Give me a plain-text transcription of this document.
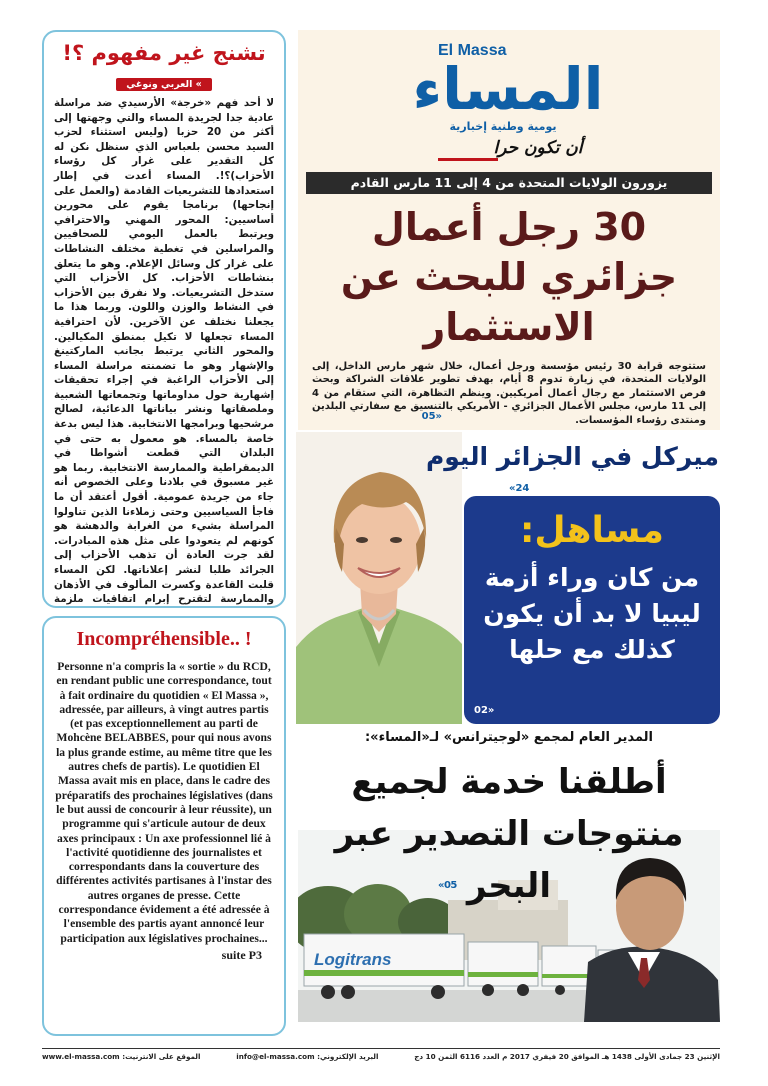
تشنج غير مفهوم ؟!
» العربي ونوغي
لا أحد فهم «خرجة» الأرسيدي ضد مراسلة عادية جدا لجريدة المساء والتي وجهتها إلى أكثر من 20 حزبا (وليس استثناء لحزب السيد محسن بلعباس الذي سنظل نكن له كل التقدير على غرار كل رؤساء الأحزاب)؟!. المساء أعدت في إطار استعدادها للتشريعيات القادمة (والعمل على إنجاحها) برنامجا يقوم على محورين أساسيين: المحور المهني والاحترافي ويرتبط بالعمل اليومي للصحافيين والمراسلين في تغطية مختلف النشاطات على غرار كل وسائل الإعلام. وهو ما يتعلق بنشاطات الأحزاب. كل الأحزاب التي ستدخل التشريعيات. ولا نفرق بين الأحزاب في النشاط والوزن واللون. وربما هذا ما يجعلنا نختلف عن الآخرين. لأن احترافية المساء تجعلها لا تكيل بمنطق المكيالين. والمحور الثاني يرتبط بجانب الماركتينغ والإشهار وهو ما تضمنته مراسلة المساء إلى الأحزاب الراغبة في إجراء تحقيقات إشهارية حول مداوماتها وتجمعاتها الشعبية وملصقاتها ونشر بياناتها الدعائية، لصالح مرشحيها وبرامجها الانتخابية. هذا ليس بدعة خاصة بالمساء. هو معمول به حتى في البلدان التي قطعت أشواطا في الديمقراطية والممارسة الانتخابية. ربما هو غير مسبوق في بلادنا وعلى الخصوص أنه جاء من جريدة عمومية. أقول أعتقد أن ما فاجأ السياسيين وحتى زملاءنا الذين تناولوا المراسلة بشيء من الغرابة والدهشة هو كونهم لم يتعودوا على مثل هذه المبادرات. لقد جرت العادة أن تذهب الأحزاب إلى الجرائد طلبا لنشر إعلاناتها. لكن المساء قلبت القاعدة وكسرت المألوف في الأذهان والممارسة لتقترح إبرام اتفاقيات ملزمة
Incompréhensible.. !
Personne n'a compris la « sortie » du RCD, en rendant public une correspondance, tout à fait ordinaire du quotidien « El Massa », adressée, par ailleurs, à vingt autres partis (et pas exceptionnellement au parti de Mohcène BELABBES, pour qui nous avons la plus grande estime, au même titre que les autres chefs de partis). Le quotidien El Massa avait mis en place, dans le cadre des préparatifs des prochaines législatives (dans le but aussi de concourir à leur réussite), un programme qui s'articule autour de deux axes principaux : Un axe professionnel lié à l'activité quotidienne des journalistes et correspondants dans la couverture des différentes activités partisanes à l'instar des autres organes de presse. Cette correspondance évidement a été adressée à l'ensemble des partis ayant annoncé leur participation aux législatives prochaines...
suite P3
El Massa
المساء
يومية وطنية إخبارية
أن تكون حرا
يزورون الولايات المتحدة من 4 إلى 11 مارس القادم
30 رجل أعمال جزائري للبحث عن الاستثمار
ستتوجه قرابة 30 رئيس مؤسسة ورجل أعمال، خلال شهر مارس الداخل، إلى الولايات المتحدة، في زيارة تدوم 8 أيام، بهدف تطوير علاقات الشراكة وبحث فرص الاستثمار مع رجال أعمال أمريكيين. وينظم التظاهرة، التي ستقام من 4 إلى 11 مارس، مجلس الأعمال الجزائري - الأمريكي بالتنسيق مع سفارتي البلدين ومنتدى رؤساء المؤسسات.
05»
ميركل في الجزائر اليوم
24»
مساهل:
من كان وراء أزمة ليبيا لا بد أن يكون كذلك مع حلها
02»
المدير العام لمجمع «لوجيترانس» لـ«المساء»:
Logitrans
أطلقنا خدمة لجميع منتوجات التصدير عبر البحر
05»
الإثنين 23 جمادى الأولى 1438 هـ الموافق 20 فيفري 2017 م العدد 6116 الثمن 10 دج
البريد الإلكتروني: info@el-massa.com
الموقع على الانترنيت: www.el-massa.com
